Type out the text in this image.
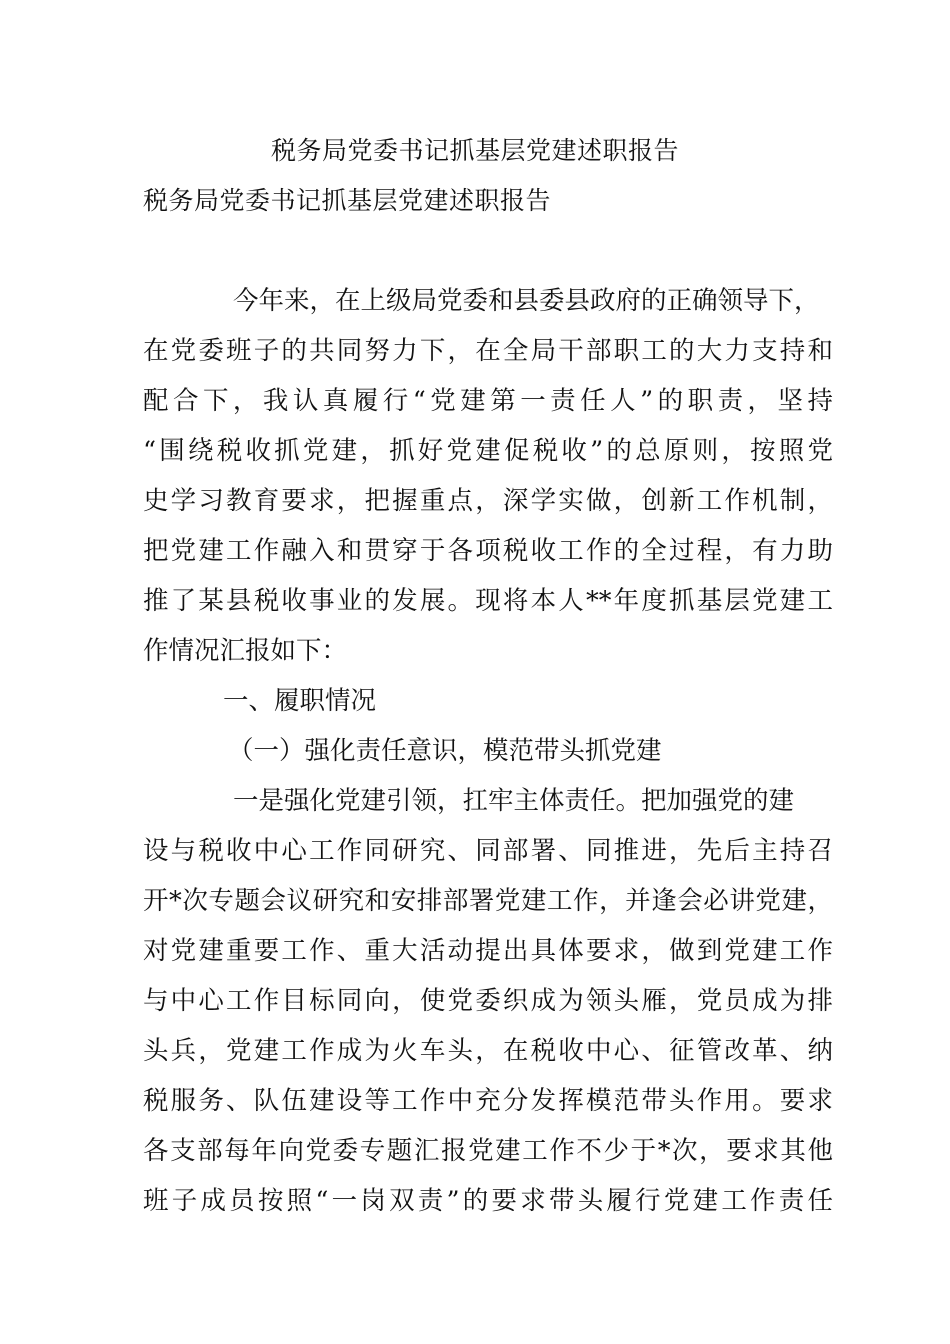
税务局党委书记抓基层党建述职报告
税务局党委书记抓基层党建述职报告
今年来，在上级局党委和县委县政府的正确领导下，
在党委班子的共同努力下，在全局干部职工的大力支持和
配合下，我认真履行“党建第一责任人”的职责，坚持
“围绕税收抓党建，抓好党建促税收”的总原则，按照党
史学习教育要求，把握重点，深学实做，创新工作机制，
把党建工作融入和贯穿于各项税收工作的全过程，有力助
推了某县税收事业的发展。现将本人**年度抓基层党建工
作情况汇报如下：
一、履职情况
（一）强化责任意识，模范带头抓党建
一是强化党建引领，扛牢主体责任。把加强党的建
设与税收中心工作同研究、同部署、同推进，先后主持召
开*次专题会议研究和安排部署党建工作，并逢会必讲党建，
对党建重要工作、重大活动提出具体要求，做到党建工作
与中心工作目标同向，使党委织成为领头雁，党员成为排
头兵，党建工作成为火车头，在税收中心、征管改革、纳
税服务、队伍建设等工作中充分发挥模范带头作用。要求
各支部每年向党委专题汇报党建工作不少于*次，要求其他
班子成员按照“一岗双责”的要求带头履行党建工作责任
